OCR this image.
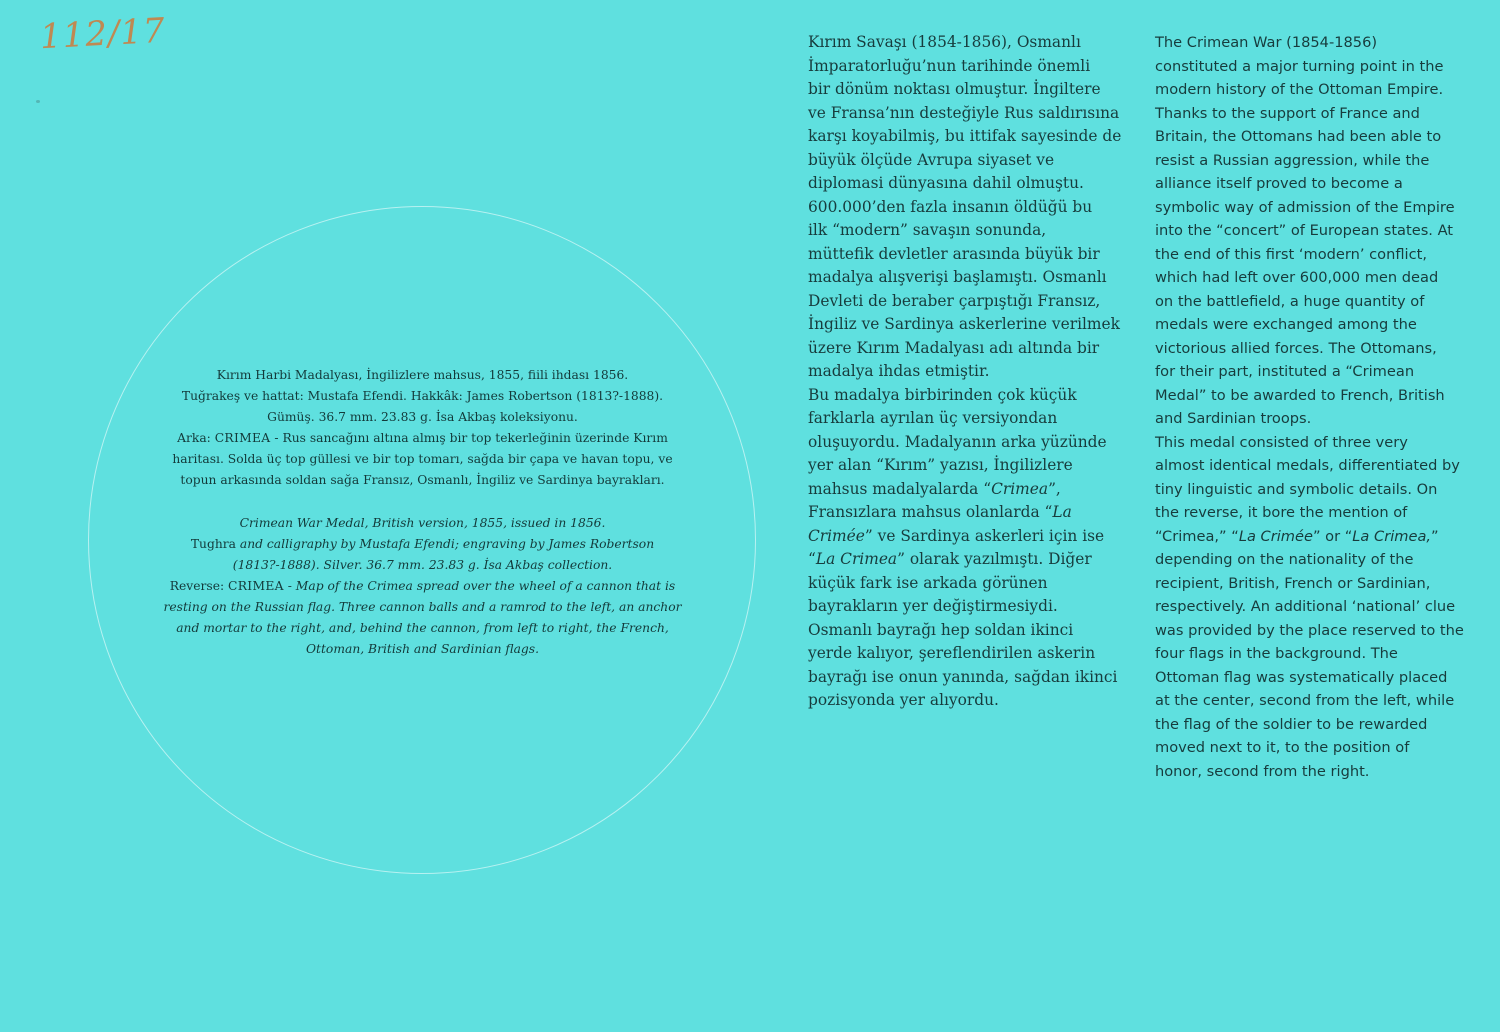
112/17
Kırım Harbi Madalyası, İngilizlere mahsus, 1855, fiili ihdası 1856.
Tuğrakeş ve hattat: Mustafa Efendi. Hakkâk: James Robertson (1813?-1888).
Gümüş. 36.7 mm. 23.83 g. İsa Akbaş koleksiyonu.
Arka: CRIMEA - Rus sancağını altına almış bir top tekerleğinin üzerinde Kırım
haritası. Solda üç top güllesi ve bir top tomarı, sağda bir çapa ve havan topu, ve
topun arkasında soldan sağa Fransız, Osmanlı, İngiliz ve Sardinya bayrakları.
Crimean War Medal, British version, 1855, issued in 1856.
Tughra and calligraphy by Mustafa Efendi; engraving by James Robertson
(1813?-1888). Silver. 36.7 mm. 23.83 g. İsa Akbaş collection.
Reverse: CRIMEA - Map of the Crimea spread over the wheel of a cannon that is
resting on the Russian flag. Three cannon balls and a ramrod to the left, an anchor
and mortar to the right, and, behind the cannon, from left to right, the French,
Ottoman, British and Sardinian flags.
Kırım Savaşı (1854-1856), Osmanlı
İmparatorluğu’nun tarihinde önemli
bir dönüm noktası olmuştur. İngiltere
ve Fransa’nın desteğiyle Rus saldırısına
karşı koyabilmiş, bu ittifak sayesinde de
büyük ölçüde Avrupa siyaset ve
diplomasi dünyasına dahil olmuştu.
600.000’den fazla insanın öldüğü bu
ilk “modern” savaşın sonunda,
müttefik devletler arasında büyük bir
madalya alışverişi başlamıştı. Osmanlı
Devleti de beraber çarpıştığı Fransız,
İngiliz ve Sardinya askerlerine verilmek
üzere Kırım Madalyası adı altında bir
madalya ihdas etmiştir.
Bu madalya birbirinden çok küçük
farklarla ayrılan üç versiyondan
oluşuyordu. Madalyanın arka yüzünde
yer alan “Kırım” yazısı, İngilizlere
mahsus madalyalarda “Crimea”,
Fransızlara mahsus olanlarda “La
Crimée” ve Sardinya askerleri için ise
“La Crimea” olarak yazılmıştı. Diğer
küçük fark ise arkada görünen
bayrakların yer değiştirmesiydi.
Osmanlı bayrağı hep soldan ikinci
yerde kalıyor, şereflendirilen askerin
bayrağı ise onun yanında, sağdan ikinci
pozisyonda yer alıyordu.
The Crimean War (1854-1856)
constituted a major turning point in the
modern history of the Ottoman Empire.
Thanks to the support of France and
Britain, the Ottomans had been able to
resist a Russian aggression, while the
alliance itself proved to become a
symbolic way of admission of the Empire
into the “concert” of European states. At
the end of this first ‘modern’ conflict,
which had left over 600,000 men dead
on the battlefield, a huge quantity of
medals were exchanged among the
victorious allied forces. The Ottomans,
for their part, instituted a “Crimean
Medal” to be awarded to French, British
and Sardinian troops.
This medal consisted of three very
almost identical medals, differentiated by
tiny linguistic and symbolic details. On
the reverse, it bore the mention of
“Crimea,” “La Crimée” or “La Crimea,”
depending on the nationality of the
recipient, British, French or Sardinian,
respectively. An additional ‘national’ clue
was provided by the place reserved to the
four flags in the background. The
Ottoman flag was systematically placed
at the center, second from the left, while
the flag of the soldier to be rewarded
moved next to it, to the position of
honor, second from the right.
